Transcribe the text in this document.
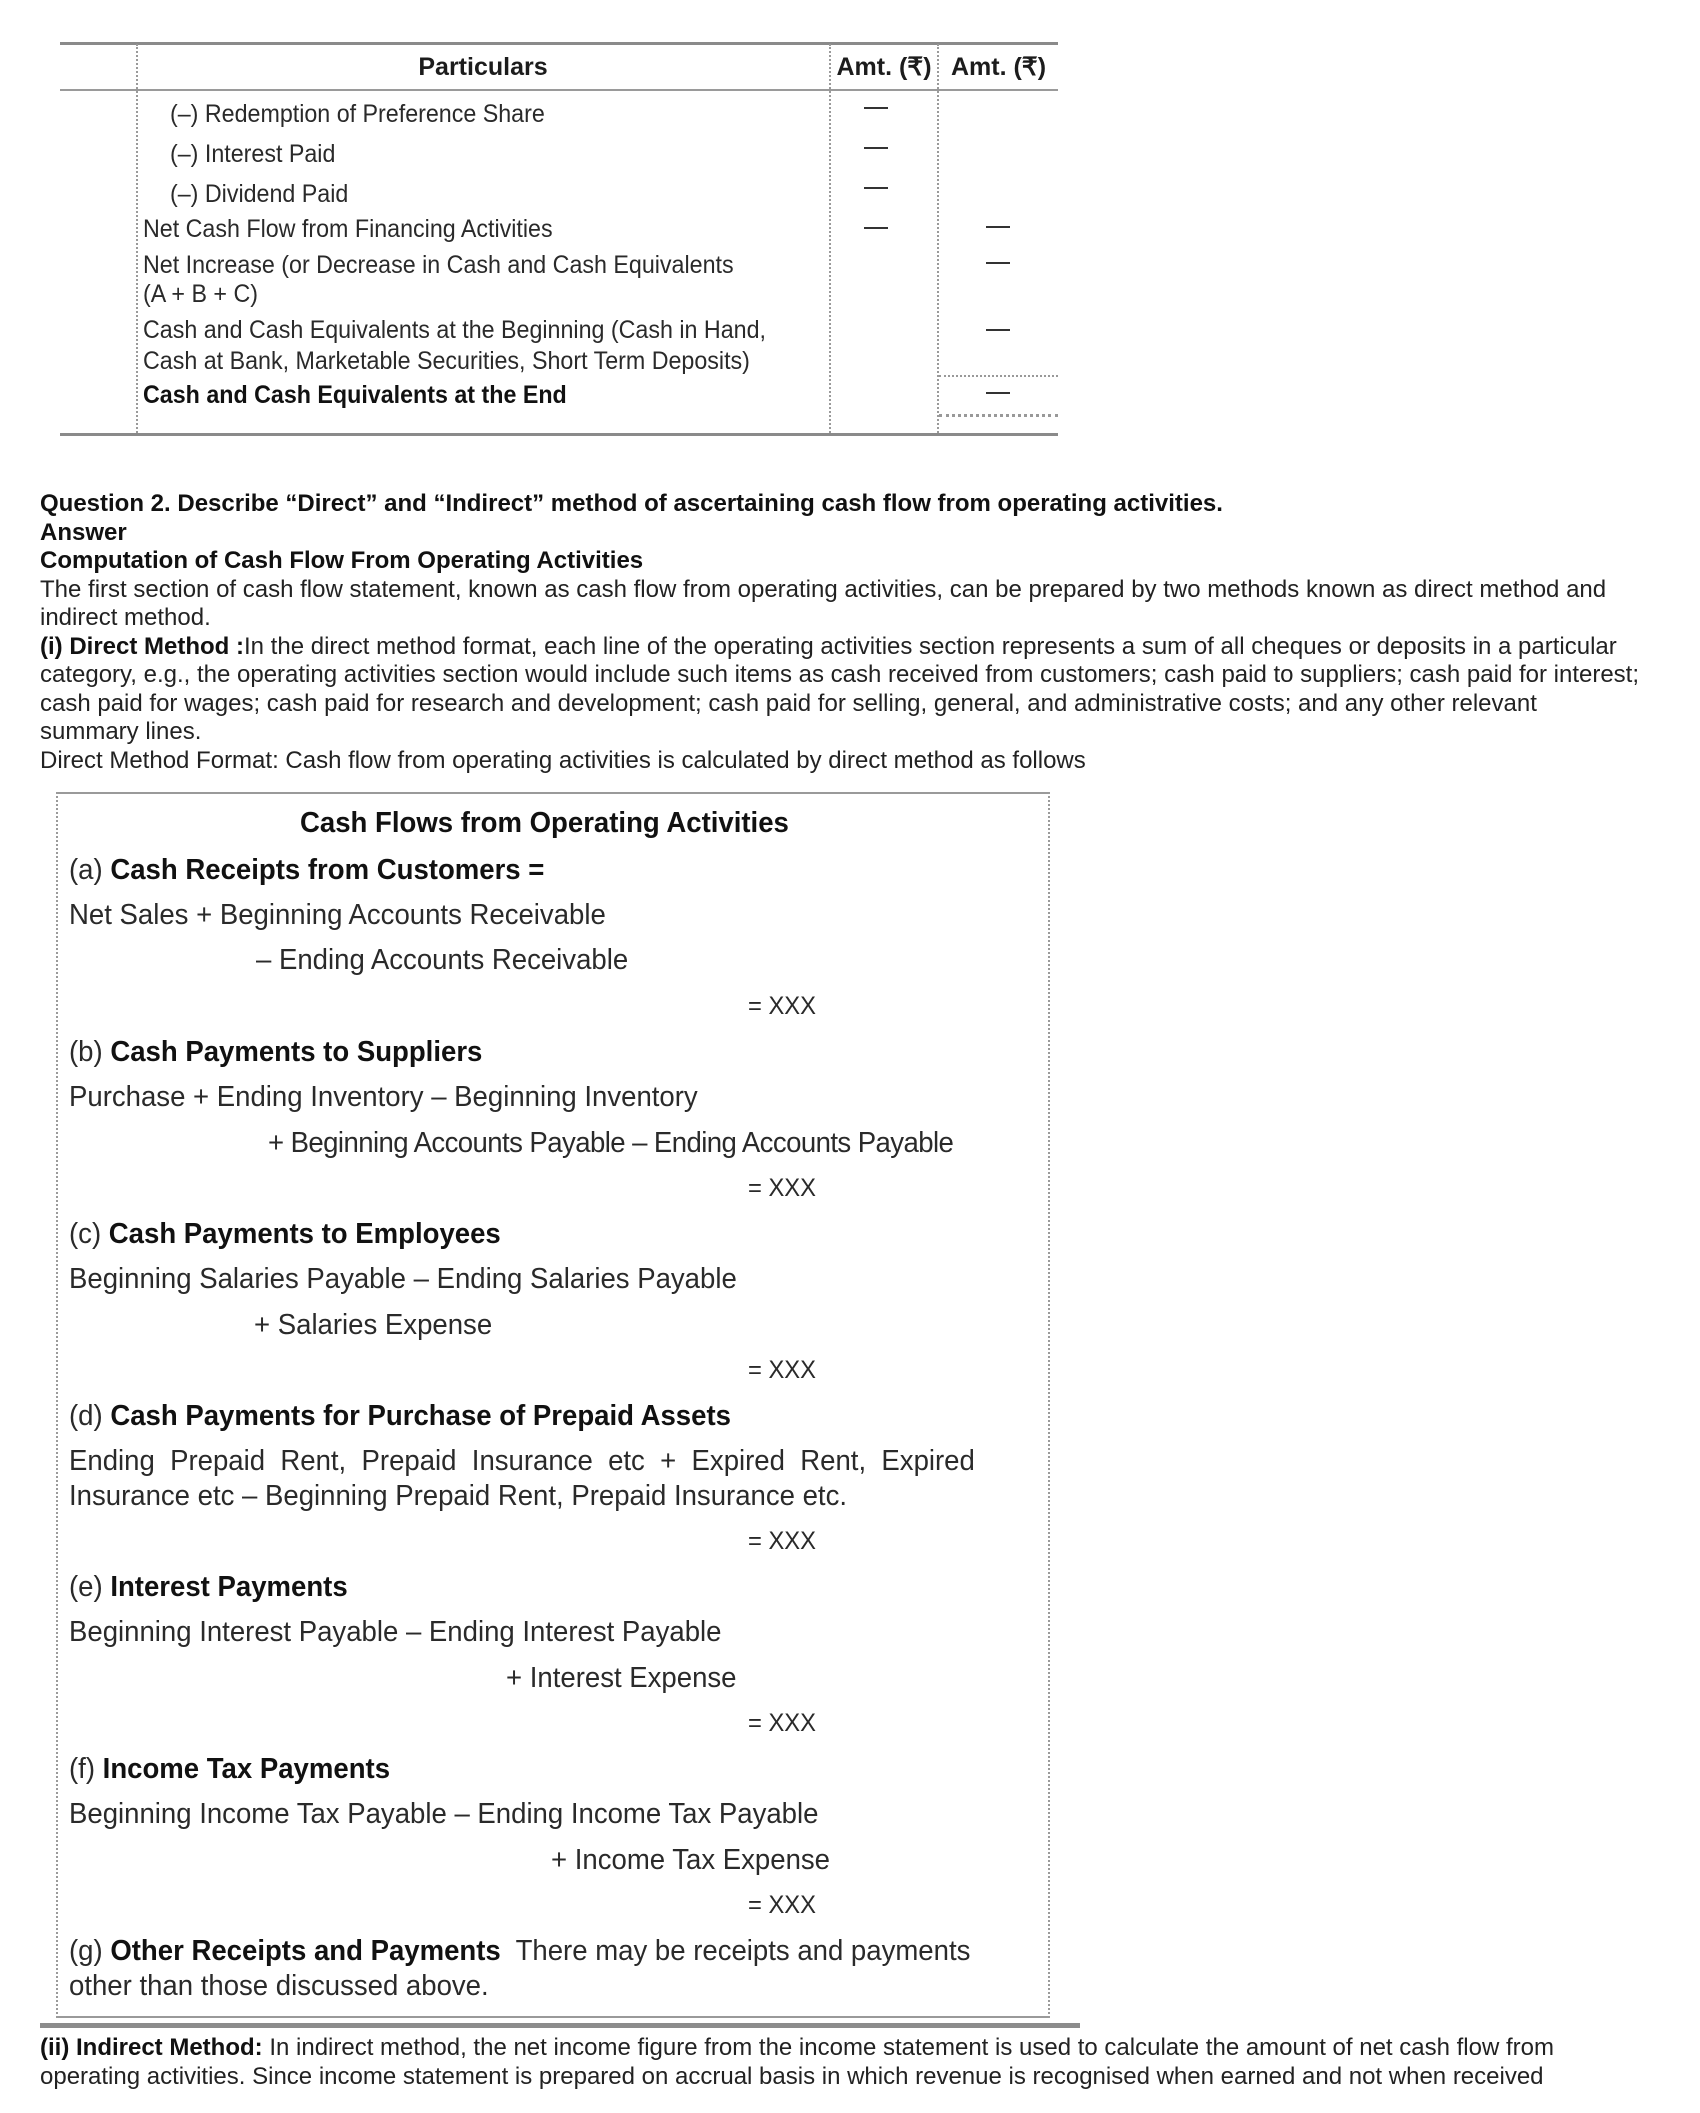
Particulars	Amt. (₹) Amt. (₹)
(–) Redemption of Preference Share
(–) Interest Paid
(–) Dividend Paid
Net Cash Flow from Financing Activities
Net Increase (or Decrease in Cash and Cash Equivalents
(A + B + C)
Cash and Cash Equivalents at the Beginning (Cash in Hand,
Cash at Bank, Marketable Securities, Short Term Deposits)
Cash and Cash Equivalents at the End
Question 2. Describe “Direct” and “Indirect” method of ascertaining cash flow from operating activities.
Answer
Computation of Cash Flow From Operating Activities
The first section of cash flow statement, known as cash flow from operating activities, can be prepared by two methods known as direct method and indirect method.
(i) Direct Method :In the direct method format, each line of the operating activities section represents a sum of all cheques or deposits in a particular category, e.g., the operating activities section would include such items as cash received from customers; cash paid to suppliers; cash paid for interest; cash paid for wages; cash paid for research and development; cash paid for selling, general, and administrative costs; and any other relevant summary lines.
Direct Method Format: Cash flow from operating activities is calculated by direct method as follows
Cash Flows from Operating Activities
(a) Cash Receipts from Customers =
Net Sales + Beginning Accounts Receivable
– Ending Accounts Receivable
= XXX
(b) Cash Payments to Suppliers
Purchase + Ending Inventory – Beginning Inventory
+ Beginning Accounts Payable – Ending Accounts Payable
= XXX
(c) Cash Payments to Employees
Beginning Salaries Payable – Ending Salaries Payable
+ Salaries Expense
= XXX
(d) Cash Payments for Purchase of Prepaid Assets
Ending  Prepaid  Rent,  Prepaid  Insurance  etc  +  Expired  Rent,  Expired
Insurance etc – Beginning Prepaid Rent, Prepaid Insurance etc.
= XXX
(e) Interest Payments
Beginning Interest Payable – Ending Interest Payable
+ Interest Expense
= XXX
(f) Income Tax Payments
Beginning Income Tax Payable – Ending Income Tax Payable
+ Income Tax Expense
= XXX
(g) Other Receipts and Payments  There may be receipts and payments
other than those discussed above.
(ii) Indirect Method: In indirect method, the net income figure from the income statement is used to calculate the amount of net cash flow from operating activities. Since income statement is prepared on accrual basis in which revenue is recognised when earned and not when received
